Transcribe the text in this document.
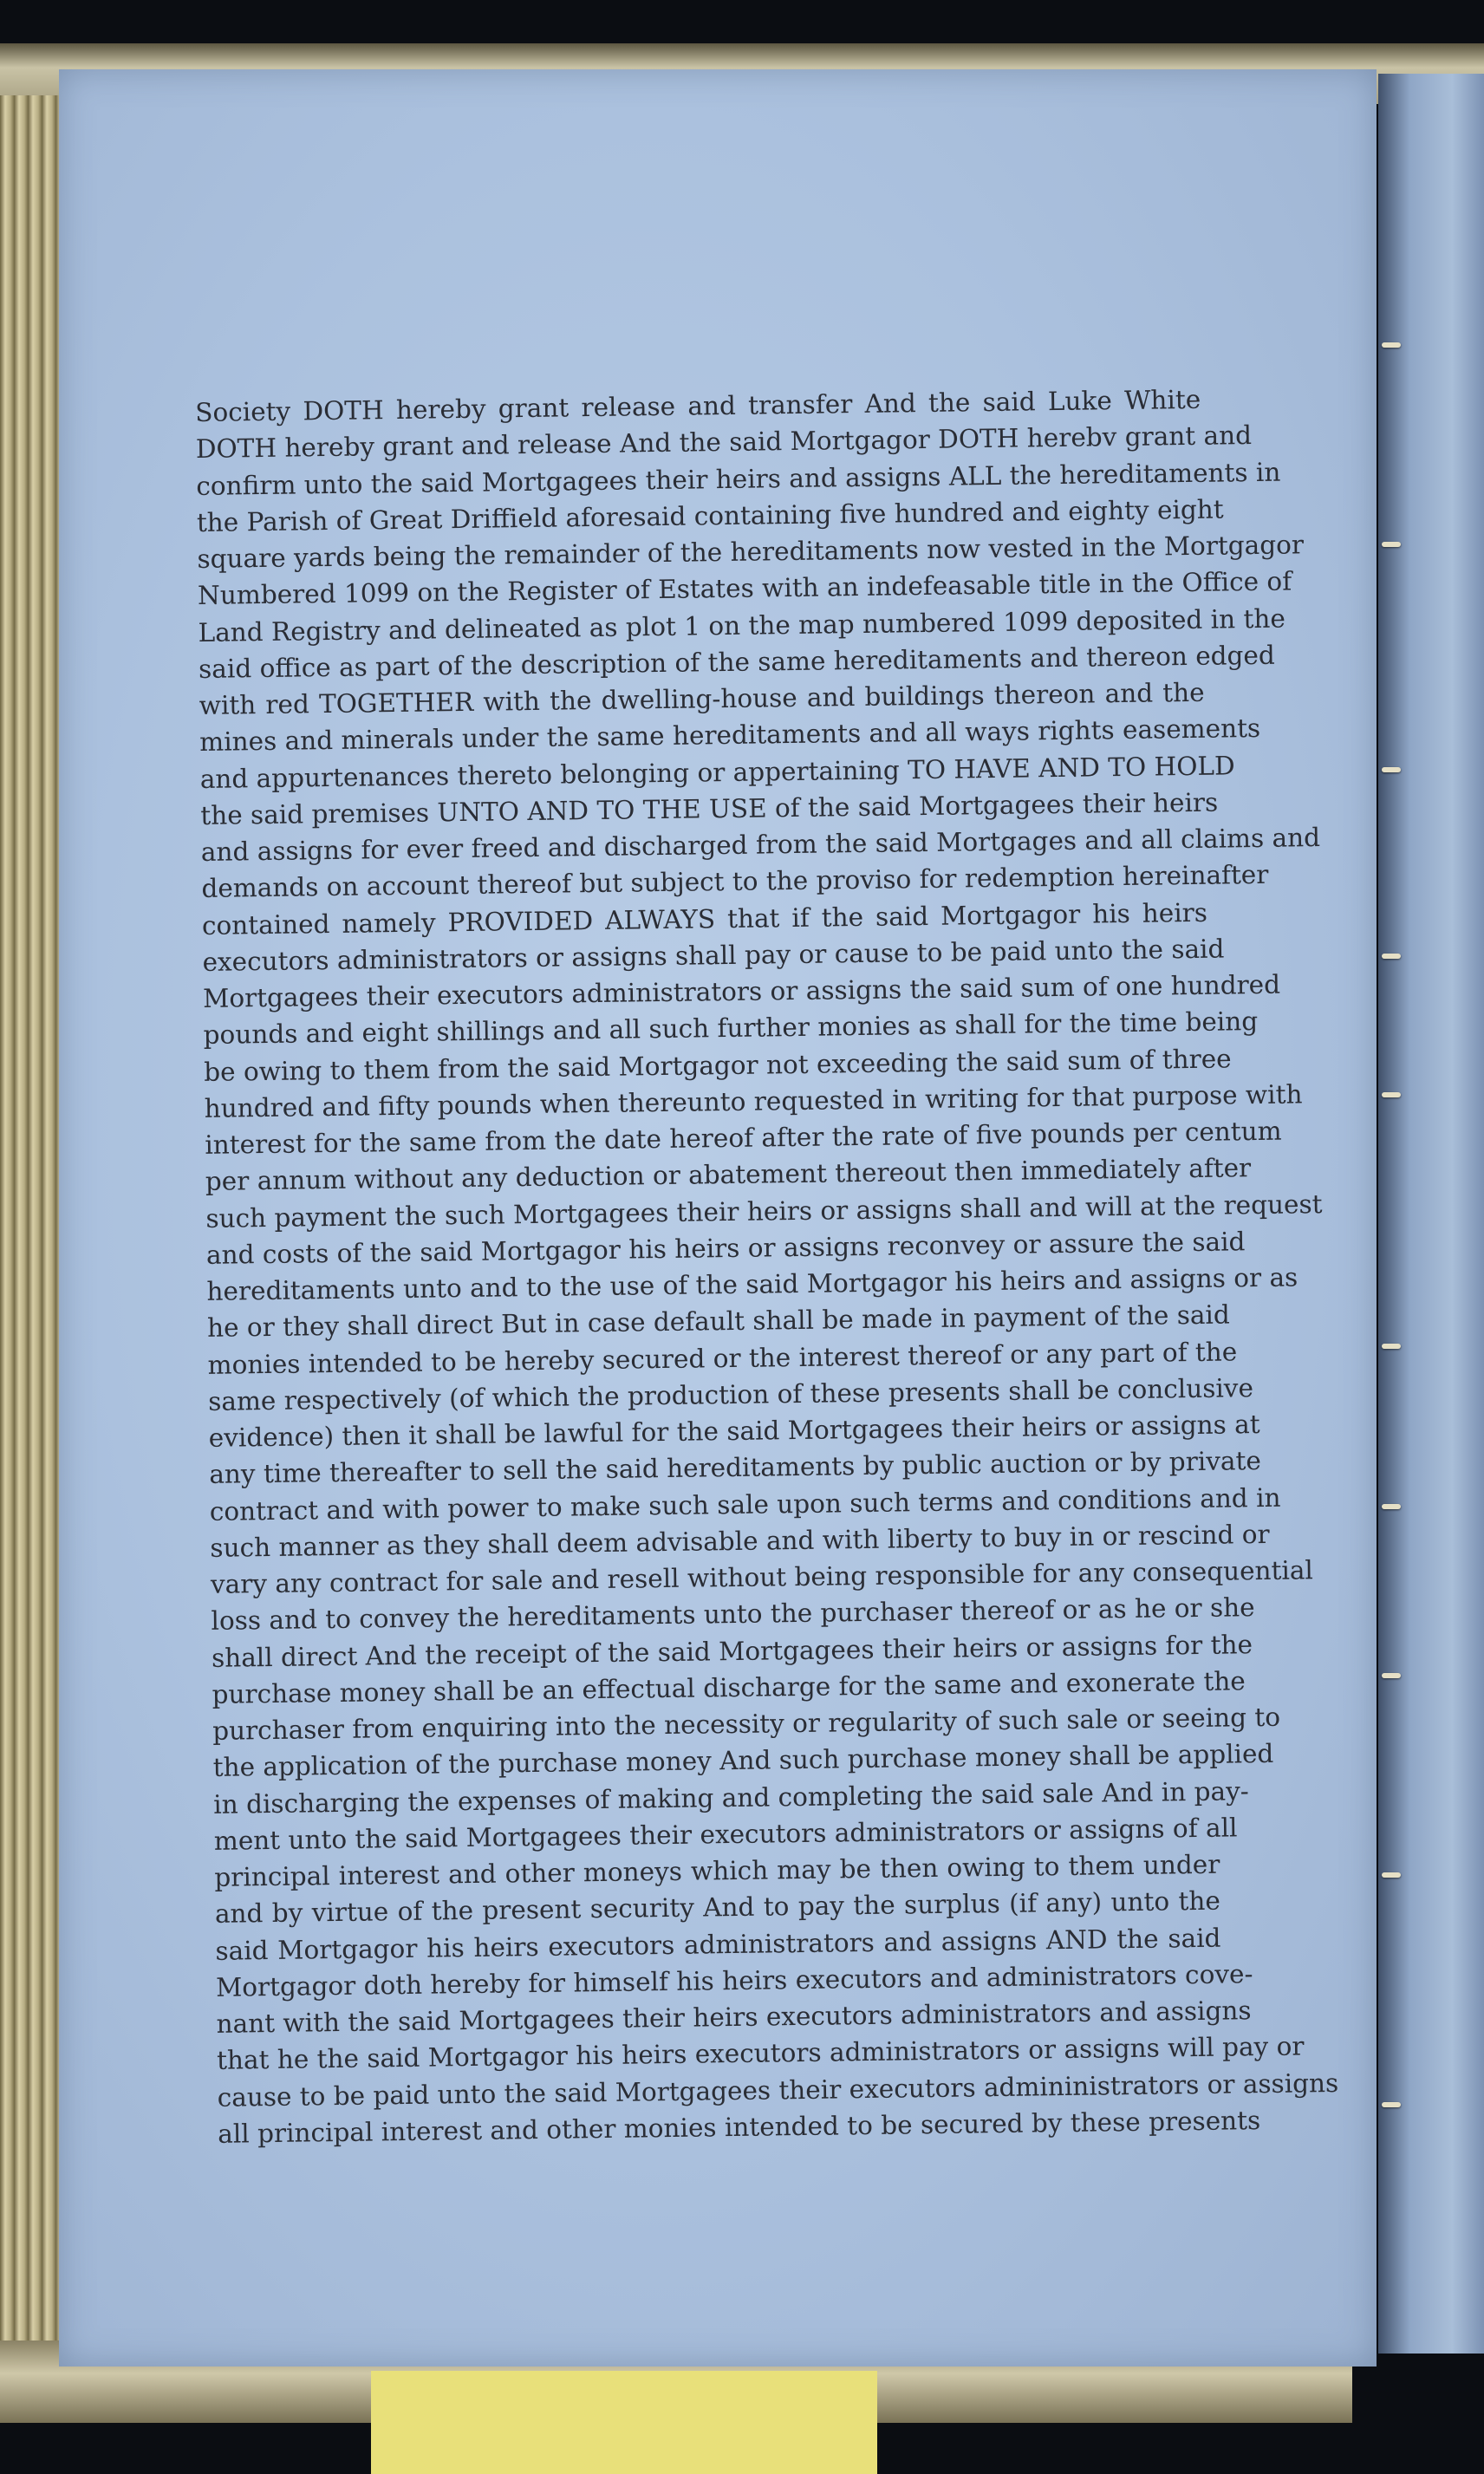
Society DOTH hereby grant release and transfer And the said Luke White
DOTH hereby grant and release And the said Mortgagor DOTH herebv grant and
confirm unto the said Mortgagees their heirs and assigns ALL the hereditaments in
the Parish of Great Driffield aforesaid containing five hundred and eighty eight
square yards being the remainder of the hereditaments now vested in the Mortgagor
Numbered 1099 on the Register of Estates with an indefeasable title in the Office of
Land Registry and delineated as plot 1 on the map numbered 1099 deposited in the
said office as part of the description of the same hereditaments and thereon edged
with red TOGETHER with the dwelling-house and buildings thereon and the
mines and minerals under the same hereditaments and all ways rights easements
and appurtenances thereto belonging or appertaining TO HAVE AND TO HOLD
the said premises UNTO AND TO THE USE of the said Mortgagees their heirs
and assigns for ever freed and discharged from the said Mortgages and all claims and
demands on account thereof but subject to the proviso for redemption hereinafter
contained namely PROVIDED ALWAYS that if the said Mortgagor his heirs
executors administrators or assigns shall pay or cause to be paid unto the said
Mortgagees their executors administrators or assigns the said sum of one hundred
pounds and eight shillings and all such further monies as shall for the time being
be owing to them from the said Mortgagor not exceeding the said sum of three
hundred and fifty pounds when thereunto requested in writing for that purpose with
interest for the same from the date hereof after the rate of five pounds per centum
per annum without any deduction or abatement thereout then immediately after
such payment the such Mortgagees their heirs or assigns shall and will at the request
and costs of the said Mortgagor his heirs or assigns reconvey or assure the said
hereditaments unto and to the use of the said Mortgagor his heirs and assigns or as
he or they shall direct But in case default shall be made in payment of the said
monies intended to be hereby secured or the interest thereof or any part of the
same respectively (of which the production of these presents shall be conclusive
evidence) then it shall be lawful for the said Mortgagees their heirs or assigns at
any time thereafter to sell the said hereditaments by public auction or by private
contract and with power to make such sale upon such terms and conditions and in
such manner as they shall deem advisable and with liberty to buy in or rescind or
vary any contract for sale and resell without being responsible for any consequential
loss and to convey the hereditaments unto the purchaser thereof or as he or she
shall direct And the receipt of the said Mortgagees their heirs or assigns for the
purchase money shall be an effectual discharge for the same and exonerate the
purchaser from enquiring into the necessity or regularity of such sale or seeing to
the application of the purchase money And such purchase money shall be applied
in discharging the expenses of making and completing the said sale And in pay-
ment unto the said Mortgagees their executors administrators or assigns of all
principal interest and other moneys which may be then owing to them under
and by virtue of the present security And to pay the surplus (if any) unto the
said Mortgagor his heirs executors administrators and assigns AND the said
Mortgagor doth hereby for himself his heirs executors and administrators cove-
nant with the said Mortgagees their heirs executors administrators and assigns
that he the said Mortgagor his heirs executors administrators or assigns will pay or
cause to be paid unto the said Mortgagees their executors admininistrators or assigns
all principal interest and other monies intended to be secured by these presents
